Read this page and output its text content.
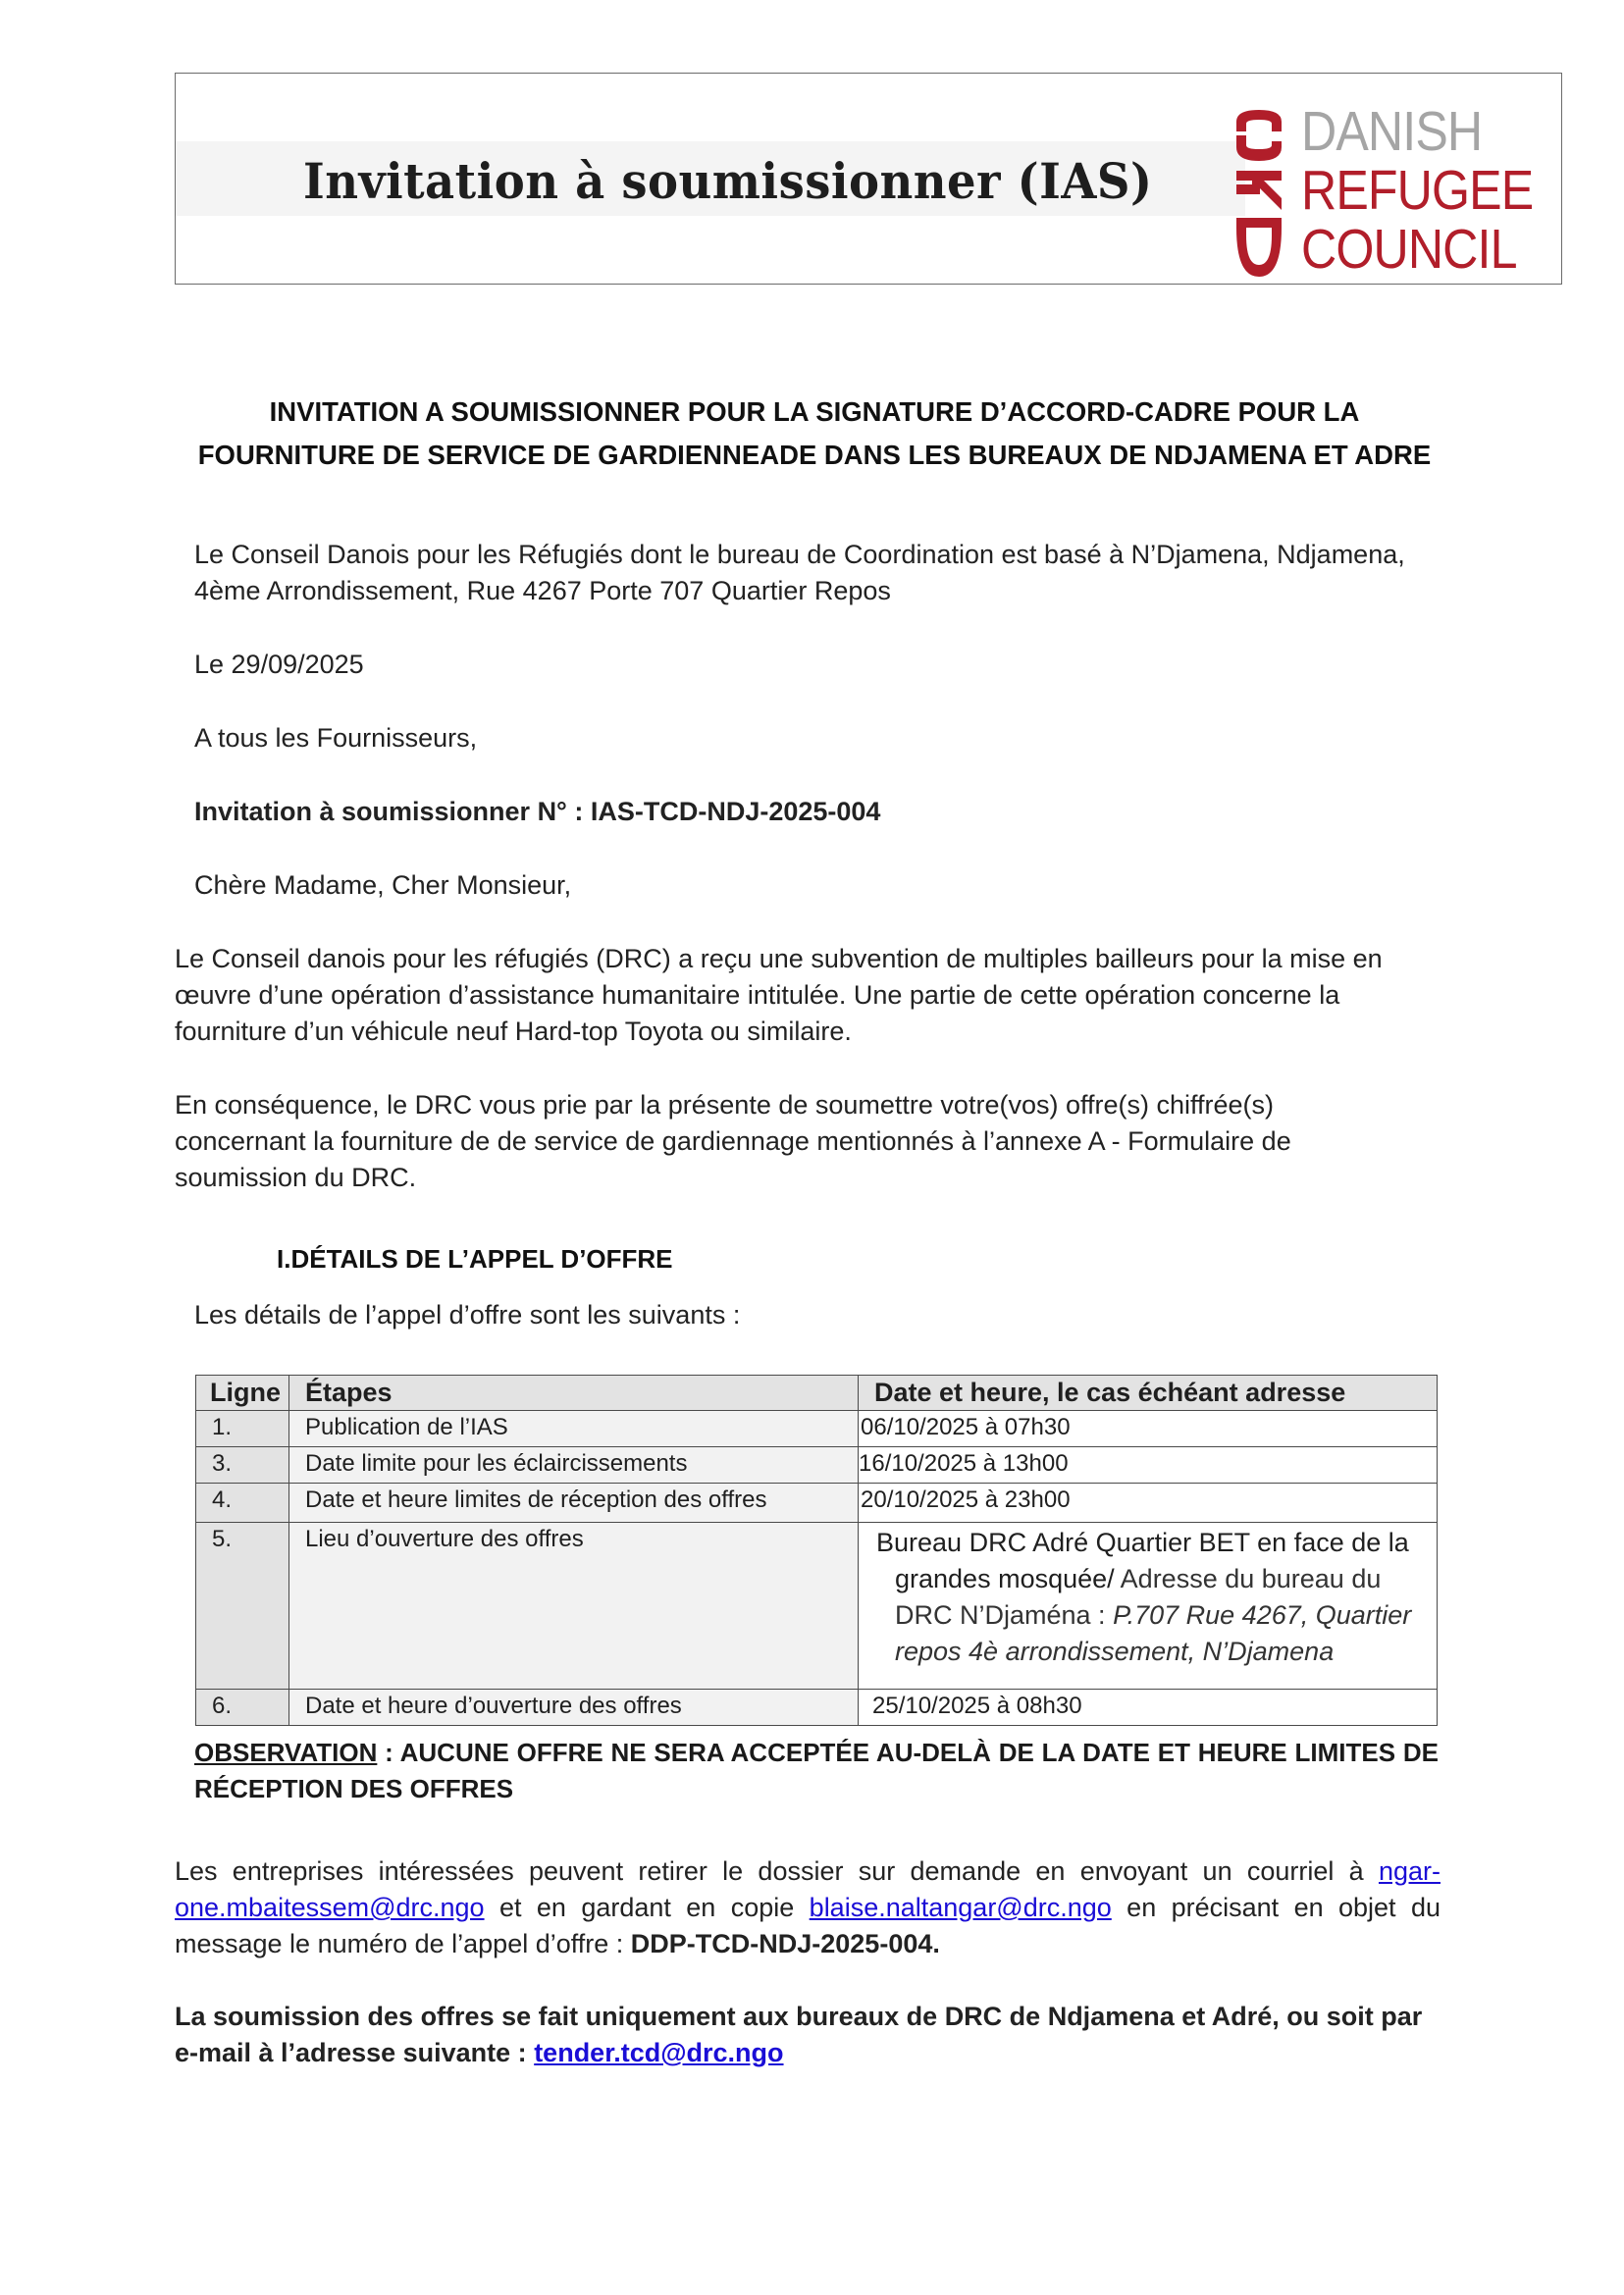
Invitation à soumissionner (IAS)
DANISH
REFUGEE
COUNCIL
INVITATION A SOUMISSIONNER POUR LA SIGNATURE D’ACCORD-CADRE POUR LA
FOURNITURE DE SERVICE DE GARDIENNEADE DANS LES BUREAUX DE NDJAMENA ET ADRE
Le Conseil Danois pour les Réfugiés dont le bureau de Coordination est basé à N’Djamena, Ndjamena,
4ème Arrondissement, Rue 4267 Porte 707 Quartier Repos
Le 29/09/2025
A tous les Fournisseurs,
Invitation à soumissionner N° : IAS-TCD-NDJ-2025-004
Chère Madame, Cher Monsieur,
Le Conseil danois pour les réfugiés (DRC) a reçu une subvention de multiples bailleurs pour la mise en
œuvre d’une opération d’assistance humanitaire intitulée. Une partie de cette opération concerne la
fourniture d’un véhicule neuf Hard-top Toyota ou similaire.
En conséquence, le DRC vous prie par la présente de soumettre votre(vos) offre(s) chiffrée(s)
concernant la fourniture de de service de gardiennage mentionnés à l’annexe A - Formulaire de
soumission du DRC.
I.DÉTAILS DE L’APPEL D’OFFRE
Les détails de l’appel d’offre sont les suivants :
Ligne	Étapes	Date et heure, le cas échéant adresse
1.	Publication de l’IAS	06/10/2025 à 07h30
3.	Date limite pour les éclaircissements	16/10/2025 à 13h00
4.	Date et heure limites de réception des offres	20/10/2025 à 23h00
5.	Lieu d’ouverture des offres	Bureau DRC Adré Quartier BET en face de la
grandes mosquée/ Adresse du bureau du DRC N’Djaména : P.707 Rue 4267, Quartier repos 4è arrondissement, N’Djamena

6.	Date et heure d’ouverture des offres	25/10/2025 à 08h30
OBSERVATION : AUCUNE OFFRE NE SERA ACCEPTÉE AU-DELÀ DE LA DATE ET HEURE LIMITES DE RÉCEPTION DES OFFRES
Les entreprises intéressées peuvent retirer le dossier sur demande en envoyant un courriel à ngar-one.mbaitessem@drc.ngo et en gardant en copie blaise.naltangar@drc.ngo en précisant en objet du message le numéro de l’appel d’offre : DDP-TCD-NDJ-2025-004.
La soumission des offres se fait uniquement aux bureaux de DRC de Ndjamena et Adré, ou soit par e-mail à l’adresse suivante : tender.tcd@drc.ngo
